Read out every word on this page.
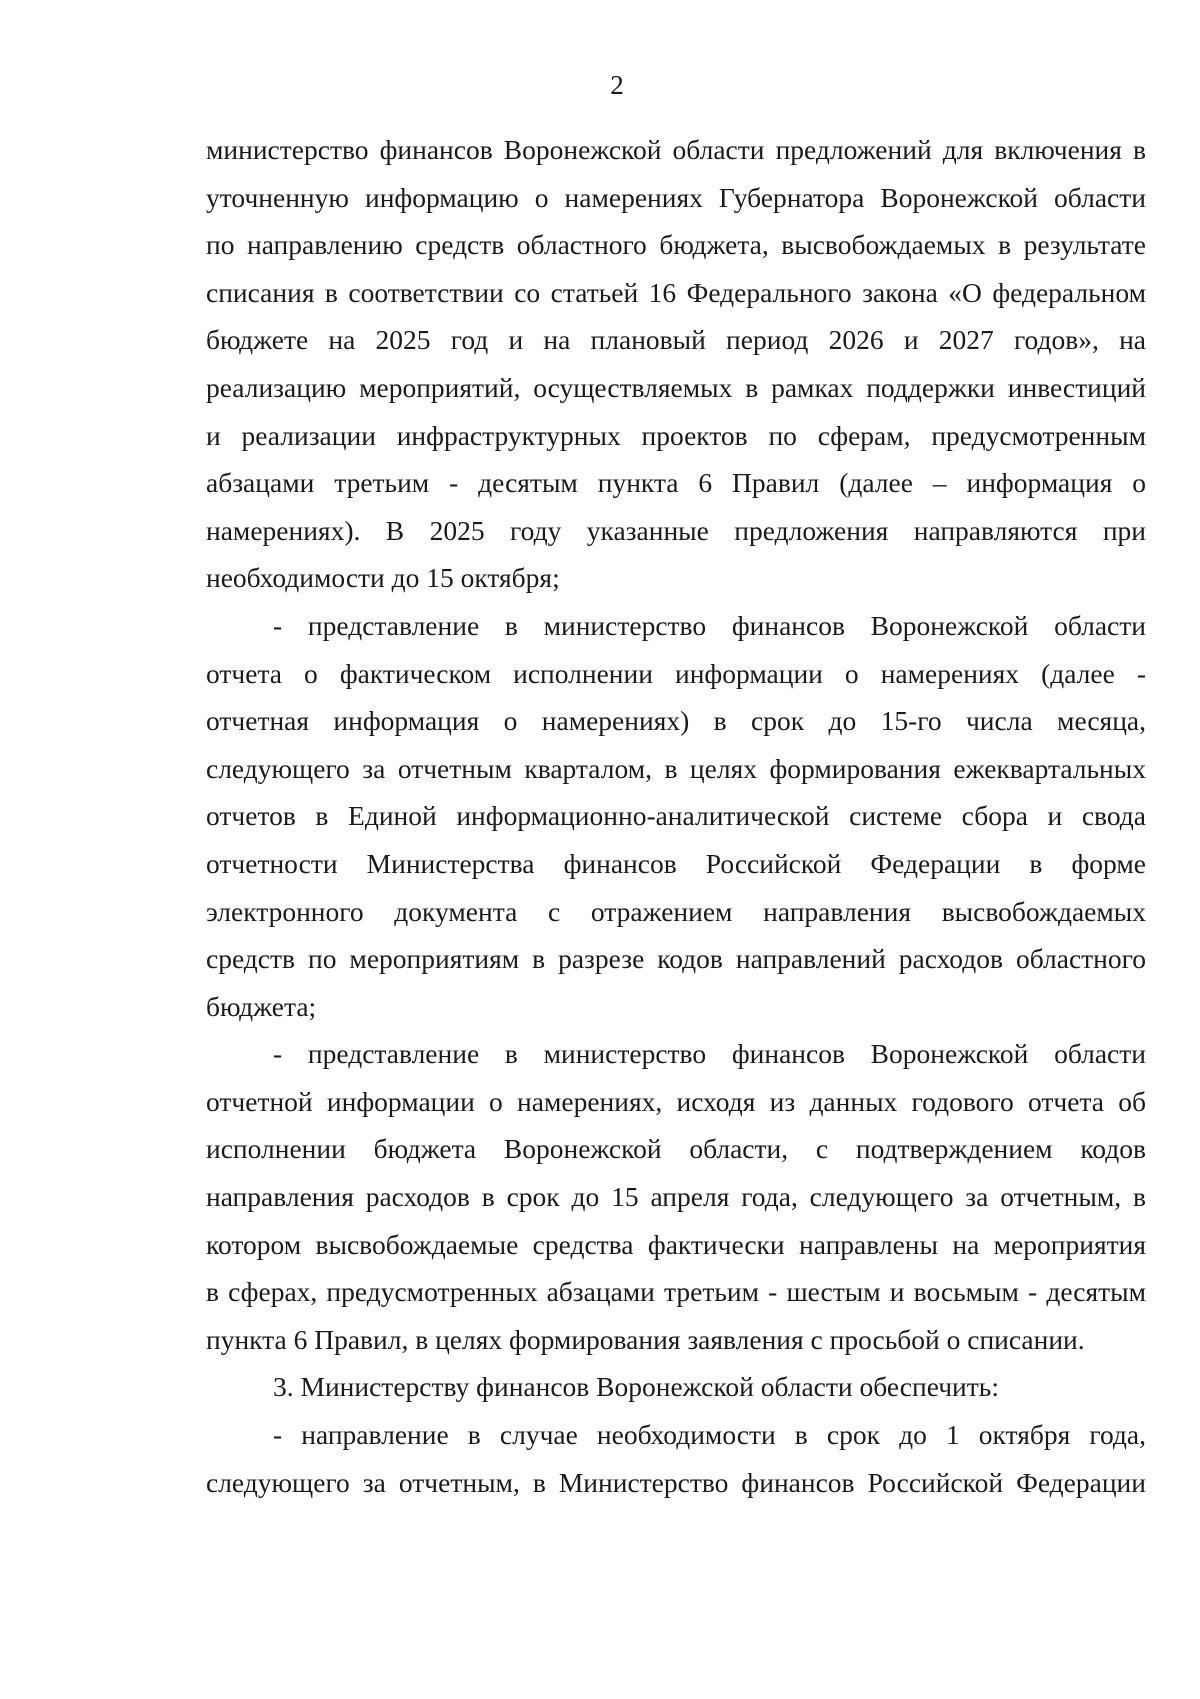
2
министерство финансов Воронежской области предложений для включения в
уточненную информацию о намерениях Губернатора Воронежской области
по направлению средств областного бюджета, высвобождаемых в результате
списания в соответствии со статьей 16 Федерального закона «О федеральном
бюджете на 2025 год и на плановый период 2026 и 2027 годов», на
реализацию мероприятий, осуществляемых в рамках поддержки инвестиций
и реализации инфраструктурных проектов по сферам, предусмотренным
абзацами третьим - десятым пункта 6 Правил (далее – информация о
намерениях). В 2025 году указанные предложения направляются при
необходимости до 15 октября;
- представление в министерство финансов Воронежской области
отчета о фактическом исполнении информации о намерениях (далее -
отчетная информация о намерениях) в срок до 15-го числа месяца,
следующего за отчетным кварталом, в целях формирования ежеквартальных
отчетов в Единой информационно-аналитической системе сбора и свода
отчетности Министерства финансов Российской Федерации в форме
электронного документа с отражением направления высвобождаемых
средств по мероприятиям в разрезе кодов направлений расходов областного
бюджета;
- представление в министерство финансов Воронежской области
отчетной информации о намерениях, исходя из данных годового отчета об
исполнении бюджета Воронежской области, с подтверждением кодов
направления расходов в срок до 15 апреля года, следующего за отчетным, в
котором высвобождаемые средства фактически направлены на мероприятия
в сферах, предусмотренных абзацами третьим - шестым и восьмым - десятым
пункта 6 Правил, в целях формирования заявления с просьбой о списании.
3. Министерству финансов Воронежской области обеспечить:
- направление в случае необходимости в срок до 1 октября года,
следующего за отчетным, в Министерство финансов Российской Федерации
